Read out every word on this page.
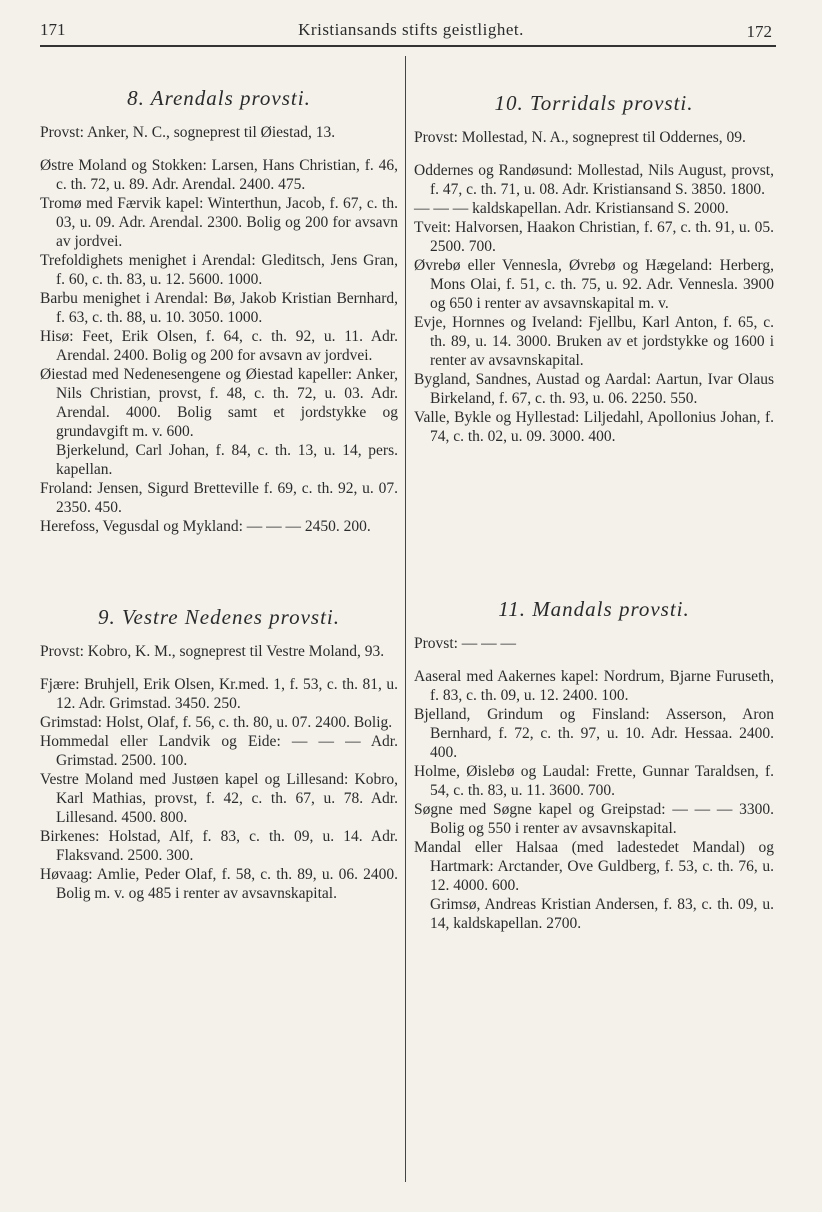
171	Kristiansands stifts geistlighet.	172
8. Arendals provsti.
Provst: Anker, N. C., sogneprest til Øiestad, 13.

Østre Moland og Stokken: Larsen, Hans Christian, f. 46, c. th. 72, u. 89. Adr. Arendal. 2400. 475.

Tromø med Færvik kapel: Winterthun, Jacob, f. 67, c. th. 03, u. 09. Adr. Arendal. 2300. Bolig og 200 for avsavn av jordvei.

Trefoldighets menighet i Arendal: Gleditsch, Jens Gran, f. 60, c. th. 83, u. 12. 5600. 1000.

Barbu menighet i Arendal: Bø, Jakob Kristian Bernhard, f. 63, c. th. 88, u. 10. 3050. 1000.

Hisø: Feet, Erik Olsen, f. 64, c. th. 92, u. 11. Adr. Arendal. 2400. Bolig og 200 for avsavn av jordvei.

Øiestad med Nedenesengene og Øiestad kapeller: Anker, Nils Christian, provst, f. 48, c. th. 72, u. 03. Adr. Arendal. 4000. Bolig samt et jordstykke og grundavgift m. v. 600.

Bjerkelund, Carl Johan, f. 84, c. th. 13, u. 14, pers. kapellan.

Froland: Jensen, Sigurd Bretteville f. 69, c. th. 92, u. 07. 2350. 450.

Herefoss, Vegusdal og Mykland: — — — 2450. 200.

9. Vestre Nedenes provsti.
Provst: Kobro, K. M., sogneprest til Vestre Moland, 93.

Fjære: Bruhjell, Erik Olsen, Kr.med. 1, f. 53, c. th. 81, u. 12. Adr. Grimstad. 3450. 250.

Grimstad: Holst, Olaf, f. 56, c. th. 80, u. 07. 2400. Bolig.

Hommedal eller Landvik og Eide: — — — Adr. Grimstad. 2500. 100.

Vestre Moland med Justøen kapel og Lillesand: Kobro, Karl Mathias, provst, f. 42, c. th. 67, u. 78. Adr. Lillesand. 4500. 800.

Birkenes: Holstad, Alf, f. 83, c. th. 09, u. 14. Adr. Flaksvand. 2500. 300.

Høvaag: Amlie, Peder Olaf, f. 58, c. th. 89, u. 06. 2400. Bolig m. v. og 485 i renter av avsavnskapital.

10. Torridals provsti.
Provst: Mollestad, N. A., sogneprest til Oddernes, 09.

Oddernes og Randøsund: Mollestad, Nils August, provst, f. 47, c. th. 71, u. 08. Adr. Kristiansand S. 3850. 1800.

— — — kaldskapellan. Adr. Kristiansand S. 2000.

Tveit: Halvorsen, Haakon Christian, f. 67, c. th. 91, u. 05. 2500. 700.

Øvrebø eller Vennesla, Øvrebø og Hægeland: Herberg, Mons Olai, f. 51, c. th. 75, u. 92. Adr. Vennesla. 3900 og 650 i renter av avsavnskapital m. v.

Evje, Hornnes og Iveland: Fjellbu, Karl Anton, f. 65, c. th. 89, u. 14. 3000. Bruken av et jordstykke og 1600 i renter av avsavnskapital.

Bygland, Sandnes, Austad og Aardal: Aartun, Ivar Olaus Birkeland, f. 67, c. th. 93, u. 06. 2250. 550.

Valle, Bykle og Hyllestad: Liljedahl, Apollonius Johan, f. 74, c. th. 02, u. 09. 3000. 400.

11. Mandals provsti.
Provst: — — —

Aaseral med Aakernes kapel: Nordrum, Bjarne Furuseth, f. 83, c. th. 09, u. 12. 2400. 100.

Bjelland, Grindum og Finsland: Asserson, Aron Bernhard, f. 72, c. th. 97, u. 10. Adr. Hessaa. 2400. 400.

Holme, Øislebø og Laudal: Frette, Gunnar Taraldsen, f. 54, c. th. 83, u. 11. 3600. 700.

Søgne med Søgne kapel og Greipstad: — — — 3300. Bolig og 550 i renter av avsavnskapital.

Mandal eller Halsaa (med ladestedet Mandal) og Hartmark: Arctander, Ove Guldberg, f. 53, c. th. 76, u. 12. 4000. 600.

Grimsø, Andreas Kristian Andersen, f. 83, c. th. 09, u. 14, kaldskapellan. 2700.
